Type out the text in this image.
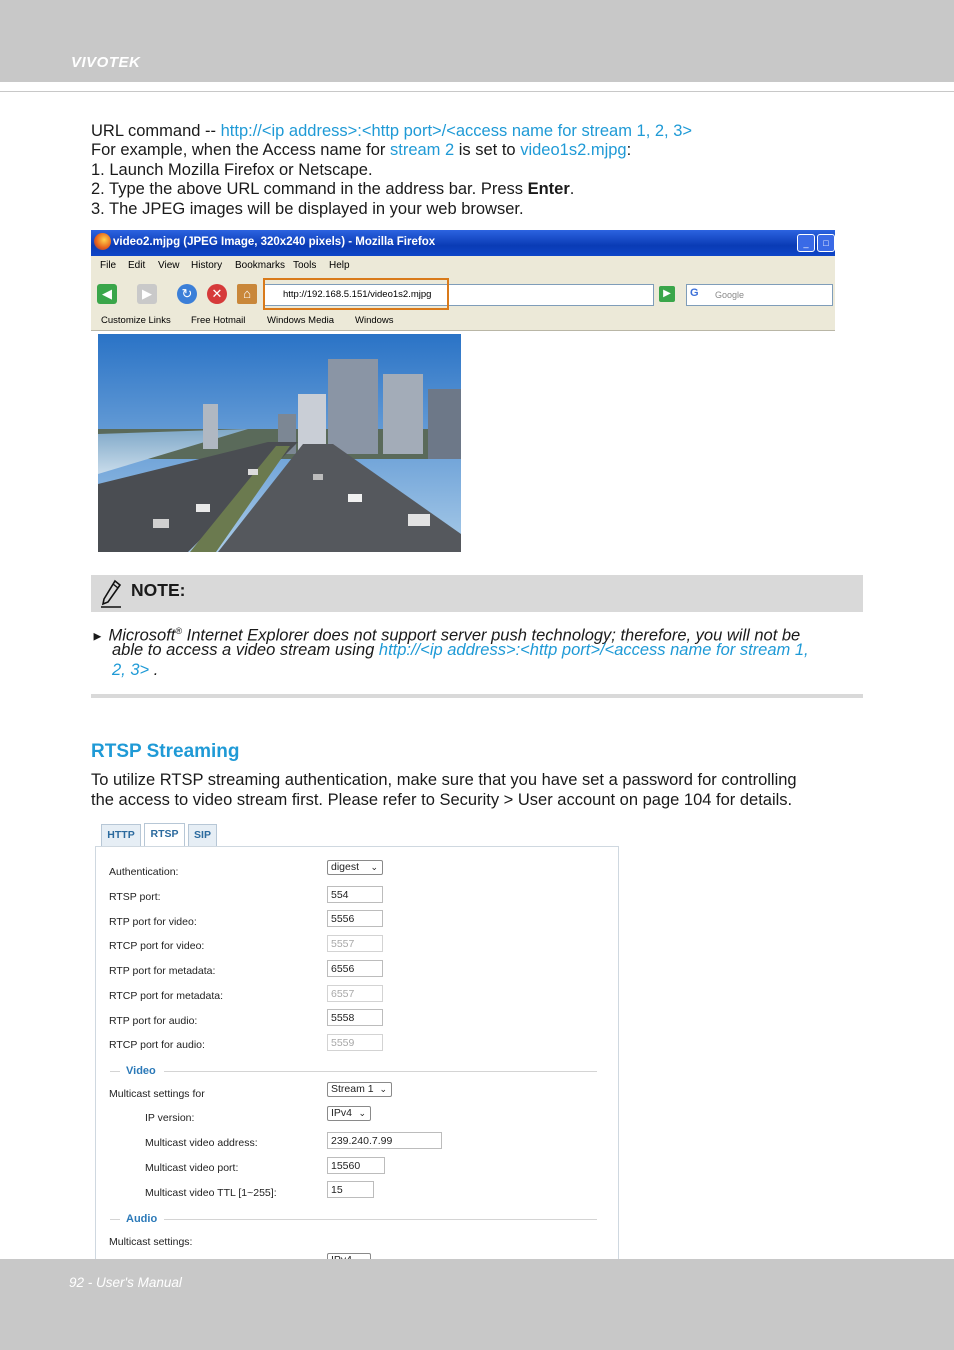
VIVOTEK
URL command -- http://<ip address>:<http port>/<access name for stream 1, 2, 3>
For example, when the Access name for stream 2 is set to video1s2.mjpg:
1. Launch Mozilla Firefox or Netscape.
2. Type the above URL command in the address bar. Press Enter.
3. The JPEG images will be displayed in your web browser.
video2.mjpg (JPEG Image, 320x240 pixels) - Mozilla Firefox	_	□
File Edit View History Bookmarks Tools Help
◀	▶	↻	✕	⌂	http://192.168.5.151/video1s2.mjpg	▶	G Google
Customize Links Free Hotmail Windows Media Windows
NOTE:
► Microsoft® Internet Explorer does not support server push technology; therefore, you will not be
able to access a video stream using http://<ip address>:<http port>/<access name for stream 1,
2, 3> .
RTSP Streaming
To utilize RTSP streaming authentication, make sure that you have set a password for controlling
the access to video stream first. Please refer to Security > User account on page 104 for details.
HTTP	RTSP	SIP
Authentication:	digest ⌄
RTSP port:	554
RTP port for video:	5556
RTCP port for video:	5557
RTP port for metadata:	6556
RTCP port for metadata:	6557
RTP port for audio:	5558
RTCP port for audio:	5559
Video
Multicast settings for	Stream 1 ⌄
IP version:	IPv4 ⌄
Multicast video address:	239.240.7.99
Multicast video port:	15560
Multicast video TTL [1~255]:	15
Audio
Multicast settings:
92 - User's Manual
